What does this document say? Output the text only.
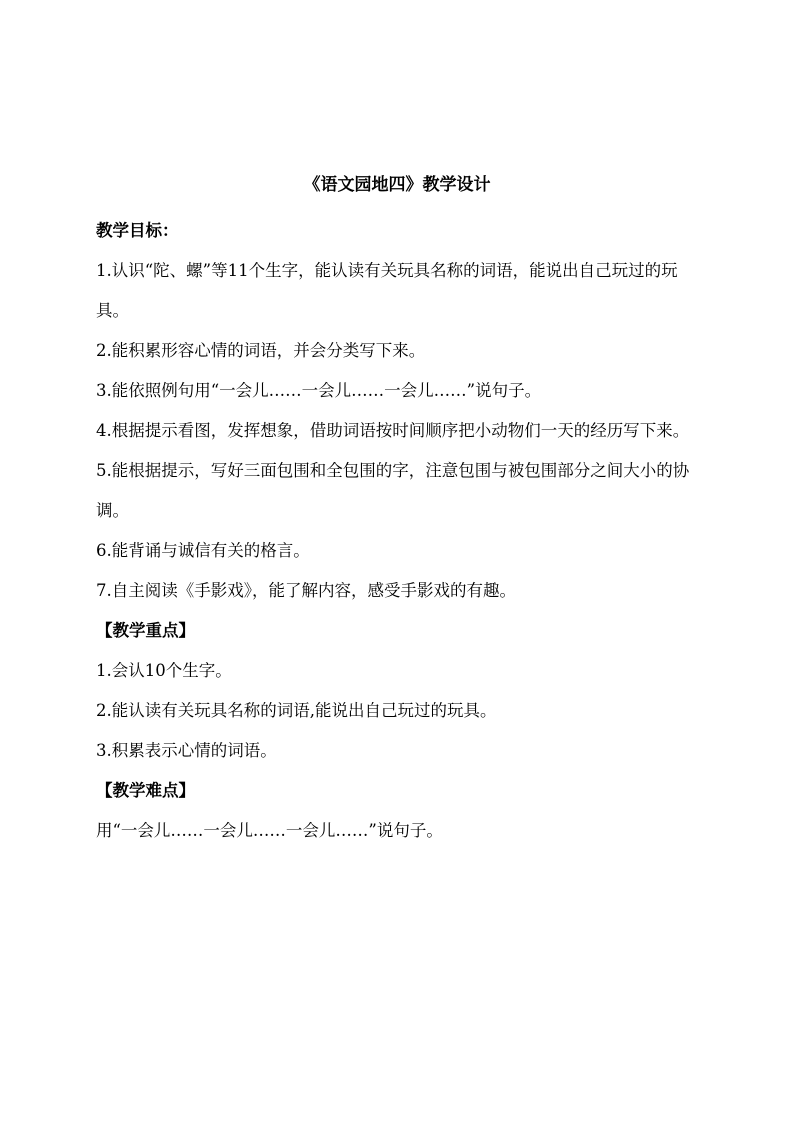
《语文园地四》教学设计
教学目标：

1.认识“陀、螺”等11个生字，能认读有关玩具名称的词语，能说出自己玩过的玩具。

2.能积累形容心情的词语，并会分类写下来。

3.能依照例句用“一会儿……一会儿……一会儿……”说句子。

4.根据提示看图，发挥想象，借助词语按时间顺序把小动物们一天的经历写下来。

5.能根据提示，写好三面包围和全包围的字，注意包围与被包围部分之间大小的协调。

6.能背诵与诚信有关的格言。

7.自主阅读《手影戏》，能了解内容，感受手影戏的有趣。

【教学重点】

1.会认10个生字。

2.能认读有关玩具名称的词语,能说出自己玩过的玩具。

3.积累表示心情的词语。

【教学难点】

用“一会儿……一会儿……一会儿……”说句子。
